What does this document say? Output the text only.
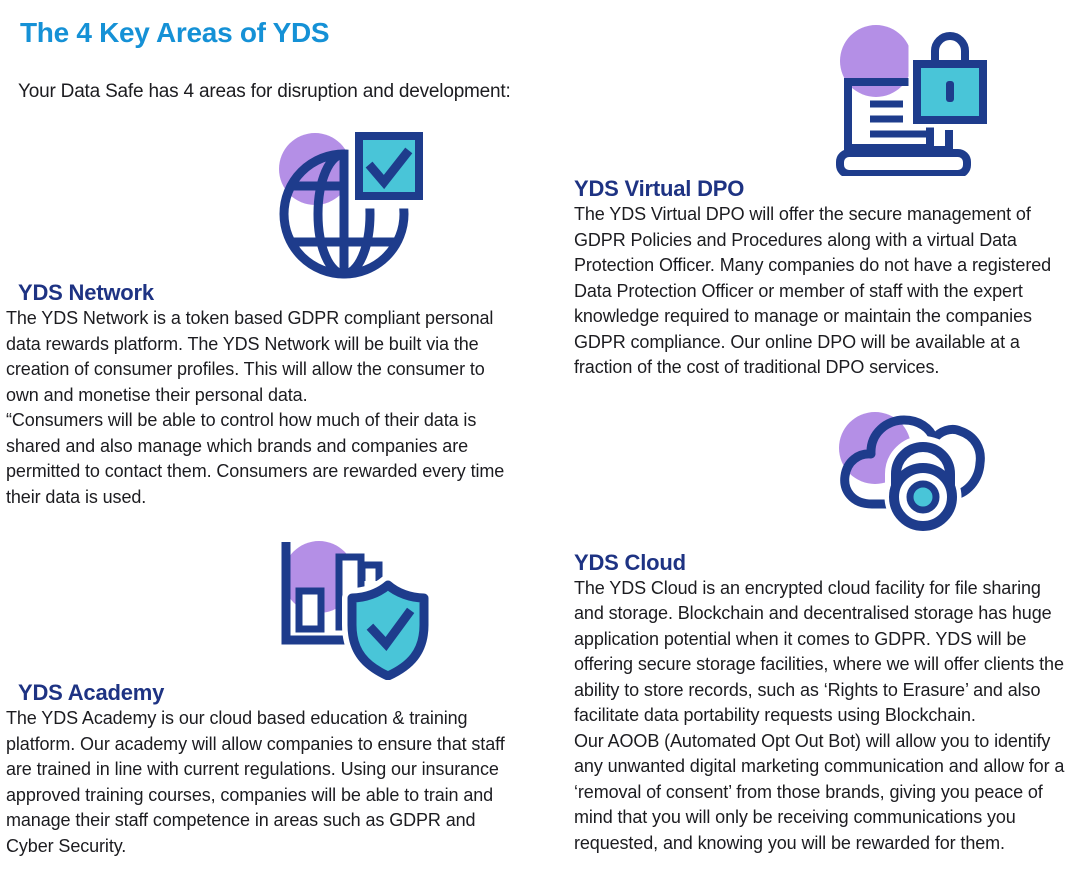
The 4 Key Areas of YDS

Your Data Safe has 4 areas for disruption and development:

YDS Network

The YDS Network is a token based GDPR compliant personal data rewards platform. The YDS Network will be built via the creation of consumer profiles. This will allow the consumer to own and monetise their personal data.

“Consumers will be able to control how much of their data is shared and also manage which brands and companies are permitted to contact them. Consumers are rewarded every time their data is used.

YDS Academy

The YDS Academy is our cloud based education & training platform. Our academy will allow companies to ensure that staff are trained in line with current regulations. Using our insurance approved training courses, companies will be able to train and manage their staff competence in areas such as GDPR and Cyber Security.

YDS Virtual DPO

The YDS Virtual DPO will offer the secure management of GDPR Policies and Procedures along with a virtual Data Protection Officer. Many companies do not have a registered Data Protection Officer or member of staff with the expert knowledge required to manage or maintain the companies GDPR compliance. Our online DPO will be available at a fraction of the cost of traditional DPO services.

YDS Cloud

The YDS Cloud is an encrypted cloud facility for file sharing and storage. Blockchain and decentralised storage has huge application potential when it comes to GDPR. YDS will be offering secure storage facilities, where we will offer clients the ability to store records, such as ‘Rights to Erasure’ and also facilitate data portability requests using Blockchain.

Our AOOB (Automated Opt Out Bot) will allow you to identify any unwanted digital marketing communication and allow for a ‘removal of consent’ from those brands, giving you peace of mind that you will only be receiving communications you requested, and knowing you will be rewarded for them.
